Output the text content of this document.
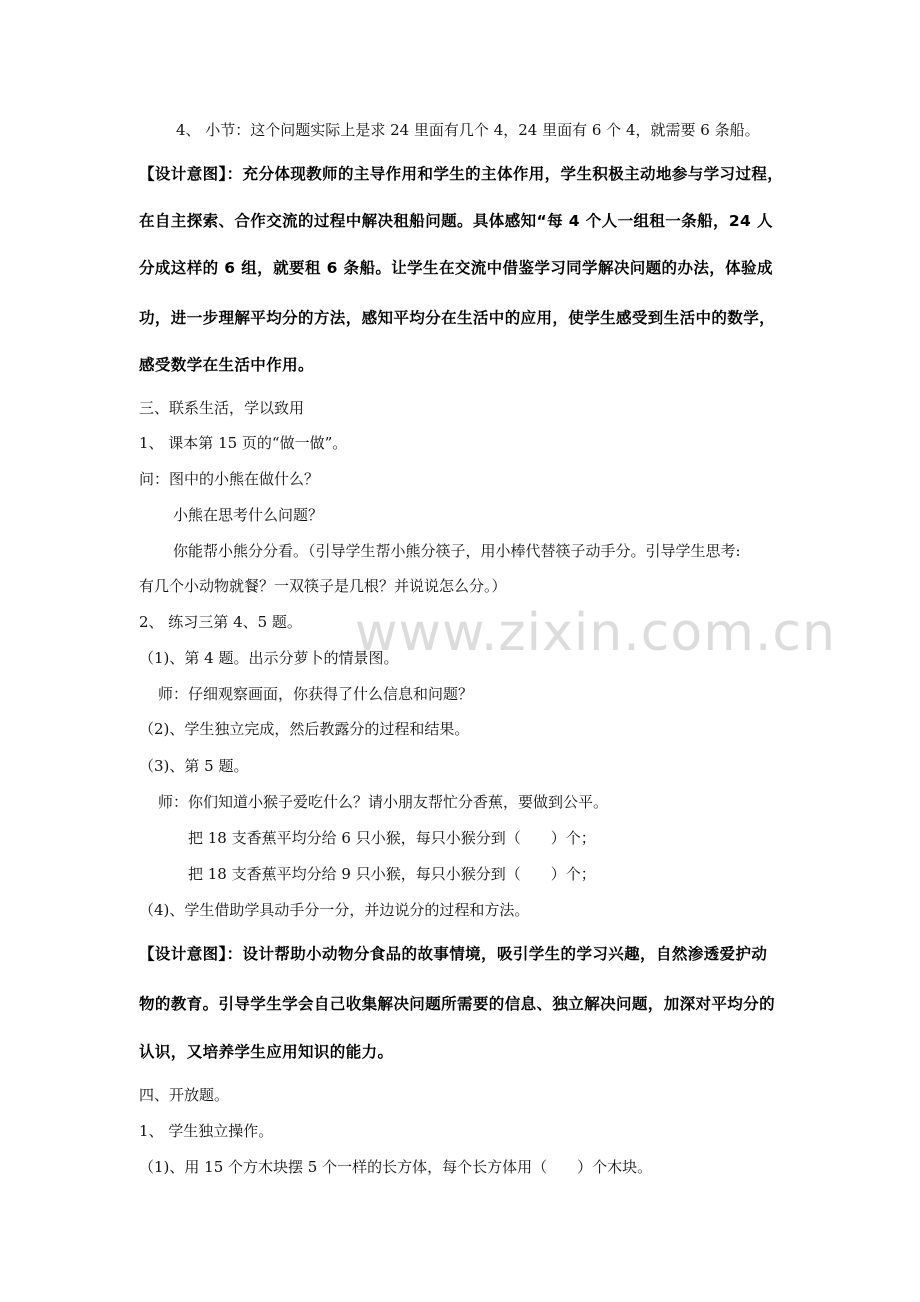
www.zixin.com.cn
4、 小节：这个问题实际上是求 24 里面有几个 4，24 里面有 6 个 4，就需要 6 条船。
【设计意图】：充分体现教师的主导作用和学生的主体作用，学生积极主动地参与学习过程，
在自主探索、合作交流的过程中解决租船问题。具体感知“每 4 个人一组租一条船，24 人
分成这样的 6 组，就要租 6 条船。让学生在交流中借鉴学习同学解决问题的办法，体验成
功，进一步理解平均分的方法，感知平均分在生活中的应用，使学生感受到生活中的数学，
感受数学在生活中作用。
三、联系生活，学以致用
1、 课本第 15 页的“做一做”。
问：图中的小熊在做什么？
小熊在思考什么问题？
你能帮小熊分分看。（引导学生帮小熊分筷子，用小棒代替筷子动手分。引导学生思考:
有几个小动物就餐？一双筷子是几根？并说说怎么分。）
2、 练习三第 4、5 题。
（1)、第 4 题。出示分萝卜的情景图。
师：仔细观察画面，你获得了什么信息和问题？
（2)、学生独立完成，然后教露分的过程和结果。
（3)、第 5 题。
师：你们知道小猴子爱吃什么？请小朋友帮忙分香蕉，要做到公平。
把 18 支香蕉平均分给 6 只小猴，每只小猴分到（　　）个；
把 18 支香蕉平均分给 9 只小猴，每只小猴分到（　　）个；
（4)、学生借助学具动手分一分，并边说分的过程和方法。
【设计意图】：设计帮助小动物分食品的故事情境，吸引学生的学习兴趣，自然渗透爱护动
物的教育。引导学生学会自己收集解决问题所需要的信息、独立解决问题，加深对平均分的
认识，又培养学生应用知识的能力。
四、开放题。
1、 学生独立操作。
（1)、用 15 个方木块摆 5 个一样的长方体，每个长方体用（　　）个木块。
